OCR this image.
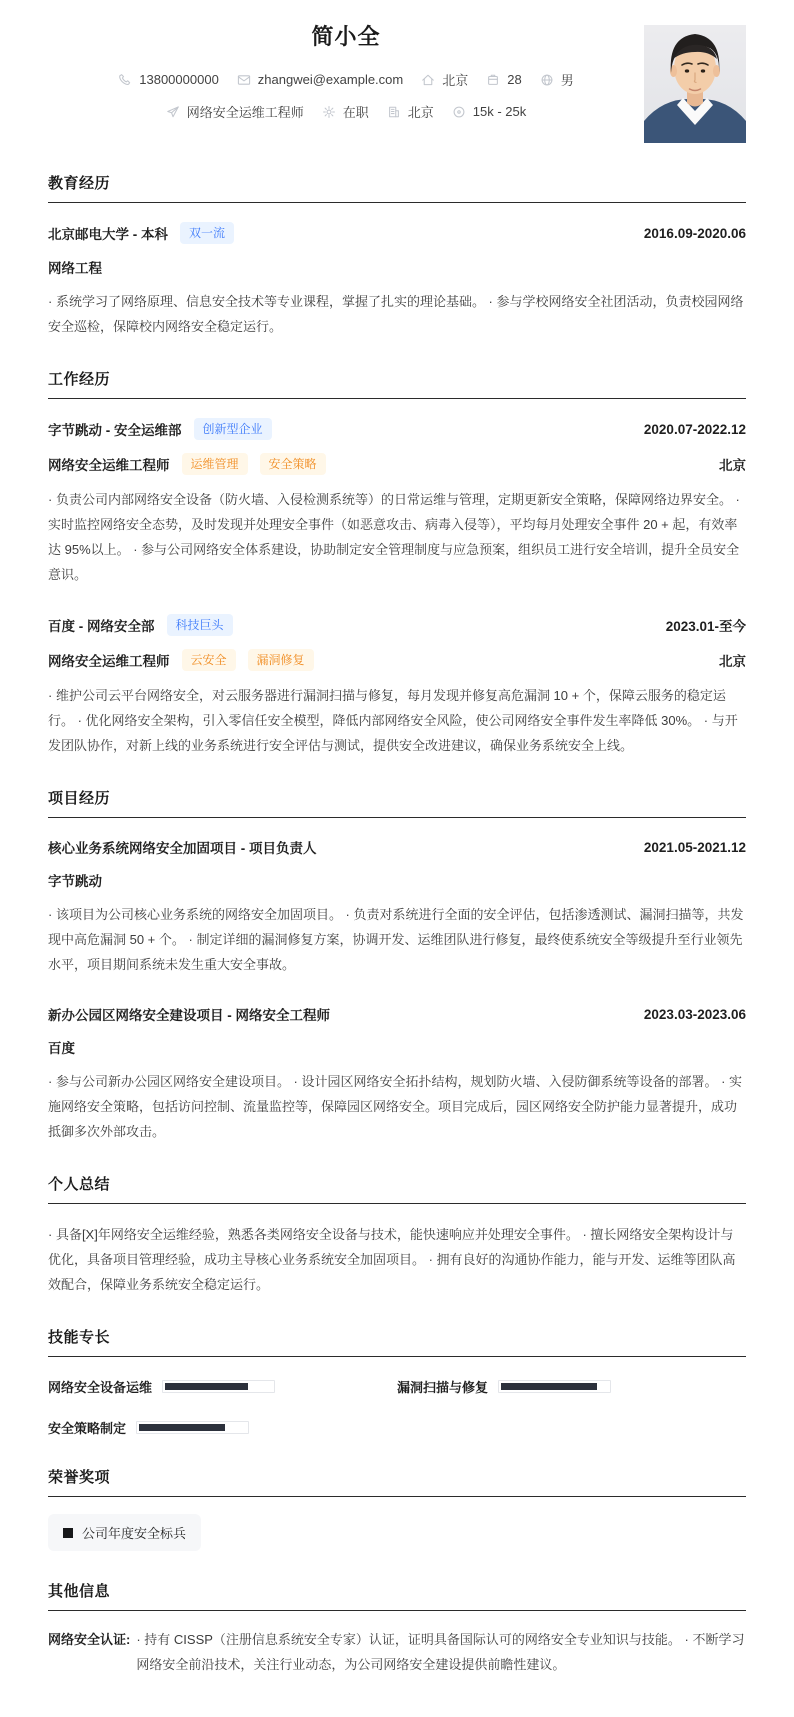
简小全
13800000000	zhangwei@example.com	北京	28	男
网络安全运维工程师	在职	北京	15k - 25k
教育经历
北京邮电大学 - 本科	双一流	2016.09-2020.06
网络工程
· 系统学习了网络原理、信息安全技术等专业课程，掌握了扎实的理论基础。 · 参与学校网络安全社团活动，负责校园网络安全巡检，保障校内网络安全稳定运行。
工作经历
字节跳动 - 安全运维部	创新型企业	2020.07-2022.12
网络安全运维工程师	运维管理	安全策略	北京
· 负责公司内部网络安全设备（防火墙、入侵检测系统等）的日常运维与管理，定期更新安全策略，保障网络边界安全。 · 实时监控网络安全态势，及时发现并处理安全事件（如恶意攻击、病毒入侵等），平均每月处理安全事件 20 + 起，有效率达 95%以上。 · 参与公司网络安全体系建设，协助制定安全管理制度与应急预案，组织员工进行安全培训，提升全员安全意识。
百度 - 网络安全部	科技巨头	2023.01-至今
网络安全运维工程师	云安全	漏洞修复	北京
· 维护公司云平台网络安全，对云服务器进行漏洞扫描与修复，每月发现并修复高危漏洞 10 + 个，保障云服务的稳定运行。 · 优化网络安全架构，引入零信任安全模型，降低内部网络安全风险，使公司网络安全事件发生率降低 30%。 · 与开发团队协作，对新上线的业务系统进行安全评估与测试，提供安全改进建议，确保业务系统安全上线。
项目经历
核心业务系统网络安全加固项目 - 项目负责人	2021.05-2021.12
字节跳动
· 该项目为公司核心业务系统的网络安全加固项目。 · 负责对系统进行全面的安全评估，包括渗透测试、漏洞扫描等，共发现中高危漏洞 50 + 个。 · 制定详细的漏洞修复方案，协调开发、运维团队进行修复，最终使系统安全等级提升至行业领先水平，项目期间系统未发生重大安全事故。
新办公园区网络安全建设项目 - 网络安全工程师	2023.03-2023.06
百度
· 参与公司新办公园区网络安全建设项目。 · 设计园区网络安全拓扑结构，规划防火墙、入侵防御系统等设备的部署。 · 实施网络安全策略，包括访问控制、流量监控等，保障园区网络安全。项目完成后，园区网络安全防护能力显著提升，成功抵御多次外部攻击。
个人总结
· 具备[X]年网络安全运维经验，熟悉各类网络安全设备与技术，能快速响应并处理安全事件。 · 擅长网络安全架构设计与优化，具备项目管理经验，成功主导核心业务系统安全加固项目。 · 拥有良好的沟通协作能力，能与开发、运维等团队高效配合，保障业务系统安全稳定运行。
技能专长
网络安全设备运维	漏洞扫描与修复
安全策略制定
荣誉奖项
公司年度安全标兵
其他信息
网络安全认证: · 持有 CISSP（注册信息系统安全专家）认证，证明具备国际认可的网络安全专业知识与技能。 · 不断学习网络安全前沿技术，关注行业动态，为公司网络安全建设提供前瞻性建议。
